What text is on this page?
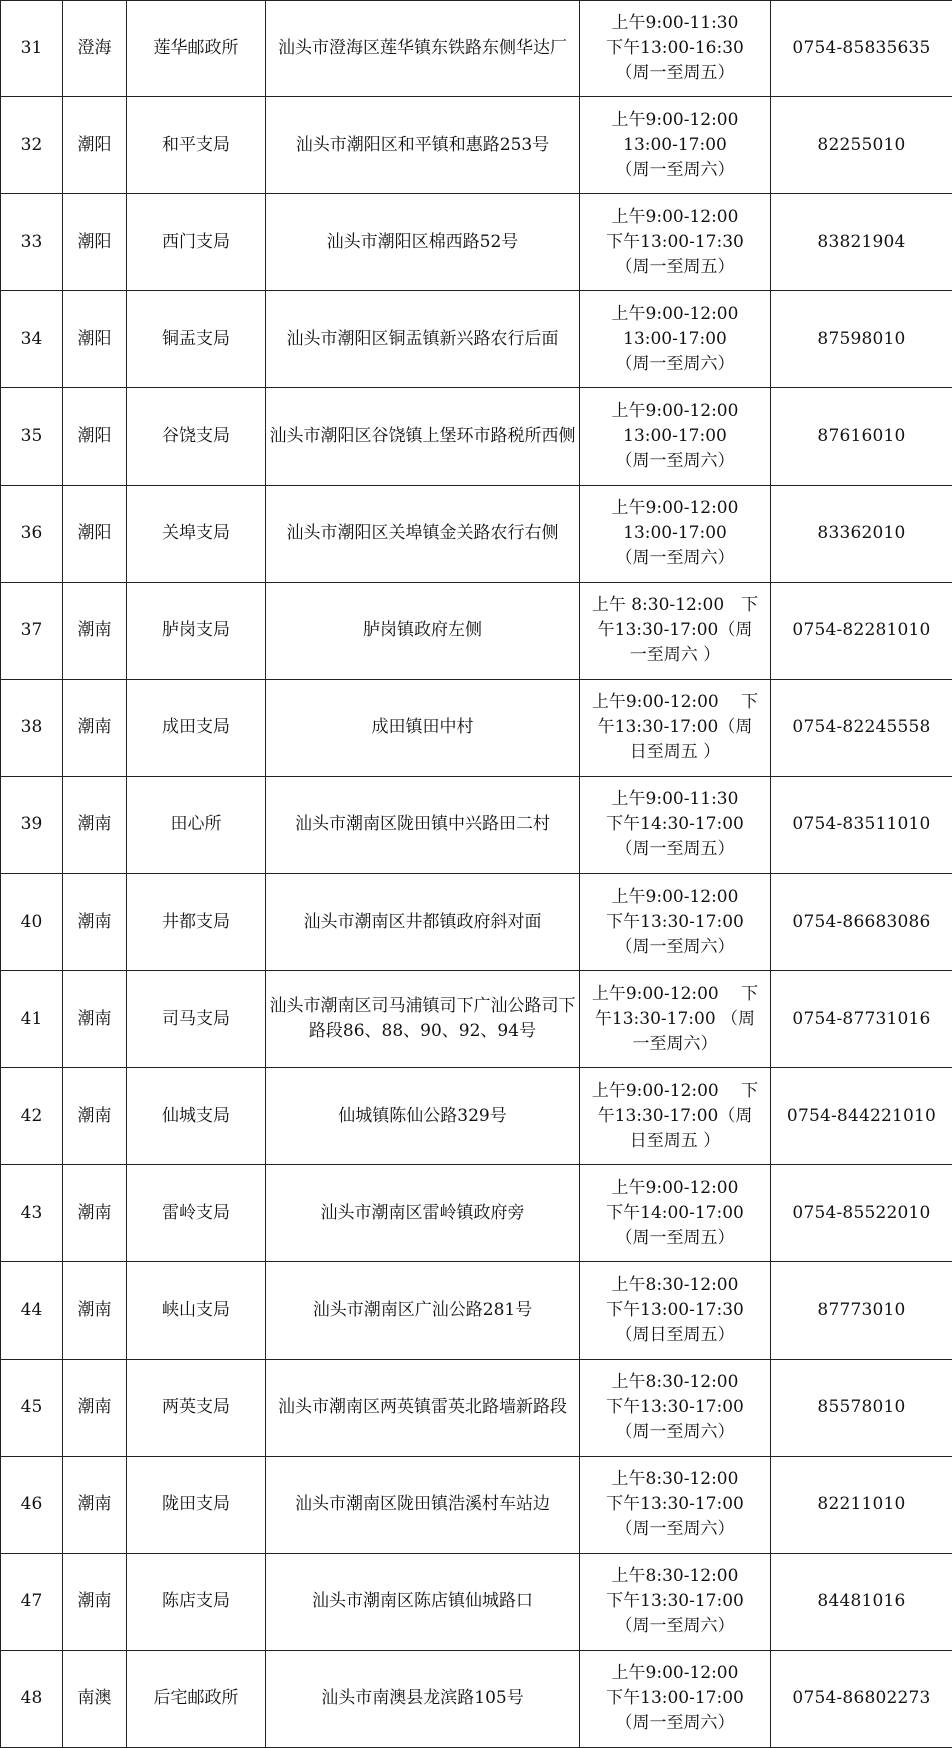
31	澄海	莲华邮政所	汕头市澄海区莲华镇东铁路东侧华达厂	上午9:00-11:30
下午13:00-16:30
（周一至周五）	0754-85835635
32	潮阳	和平支局	汕头市潮阳区和平镇和惠路253号	上午9:00-12:00
13:00-17:00
（周一至周六）	82255010
33	潮阳	西门支局	汕头市潮阳区棉西路52号	上午9:00-12:00
下午13:00-17:30
（周一至周五）	83821904
34	潮阳	铜盂支局	汕头市潮阳区铜盂镇新兴路农行后面	上午9:00-12:00
13:00-17:00
（周一至周六）	87598010
35	潮阳	谷饶支局	汕头市潮阳区谷饶镇上堡环市路税所西侧	上午9:00-12:00
13:00-17:00
（周一至周六）	87616010
36	潮阳	关埠支局	汕头市潮阳区关埠镇金关路农行右侧	上午9:00-12:00
13:00-17:00
（周一至周六）	83362010
37	潮南	胪岗支局	胪岗镇政府左侧	上午 8:30-12:00　下
午13:30-17:00（周
一至周六 ）	0754-82281010
38	潮南	成田支局	成田镇田中村	上午9:00-12:00　 下
午13:30-17:00（周
日至周五 ）	0754-82245558
39	潮南	田心所	汕头市潮南区陇田镇中兴路田二村	上午9:00-11:30
下午14:30-17:00
（周一至周五）	0754-83511010
40	潮南	井都支局	汕头市潮南区井都镇政府斜对面	上午9:00-12:00
下午13:30-17:00
（周一至周六）	0754-86683086
41	潮南	司马支局	汕头市潮南区司马浦镇司下广汕公路司下路段86、88、90、92、94号	上午9:00-12:00　 下
午13:30-17:00 （周
一至周六）	0754-87731016
42	潮南	仙城支局	仙城镇陈仙公路329号	上午9:00-12:00　 下
午13:30-17:00（周
日至周五 ）	0754-844221010
43	潮南	雷岭支局	汕头市潮南区雷岭镇政府旁	上午9:00-12:00
下午14:00-17:00
（周一至周五）	0754-85522010
44	潮南	峡山支局	汕头市潮南区广汕公路281号	上午8:30-12:00
下午13:00-17:30
（周日至周五）	87773010
45	潮南	两英支局	汕头市潮南区两英镇雷英北路墙新路段	上午8:30-12:00
下午13:30-17:00
（周一至周六）	85578010
46	潮南	陇田支局	汕头市潮南区陇田镇浩溪村车站边	上午8:30-12:00
下午13:30-17:00
（周一至周六）	82211010
47	潮南	陈店支局	汕头市潮南区陈店镇仙城路口	上午8:30-12:00
下午13:30-17:00
（周一至周六）	84481016
48	南澳	后宅邮政所	汕头市南澳县龙滨路105号	上午9:00-12:00
下午13:00-17:00
（周一至周六）	0754-86802273
